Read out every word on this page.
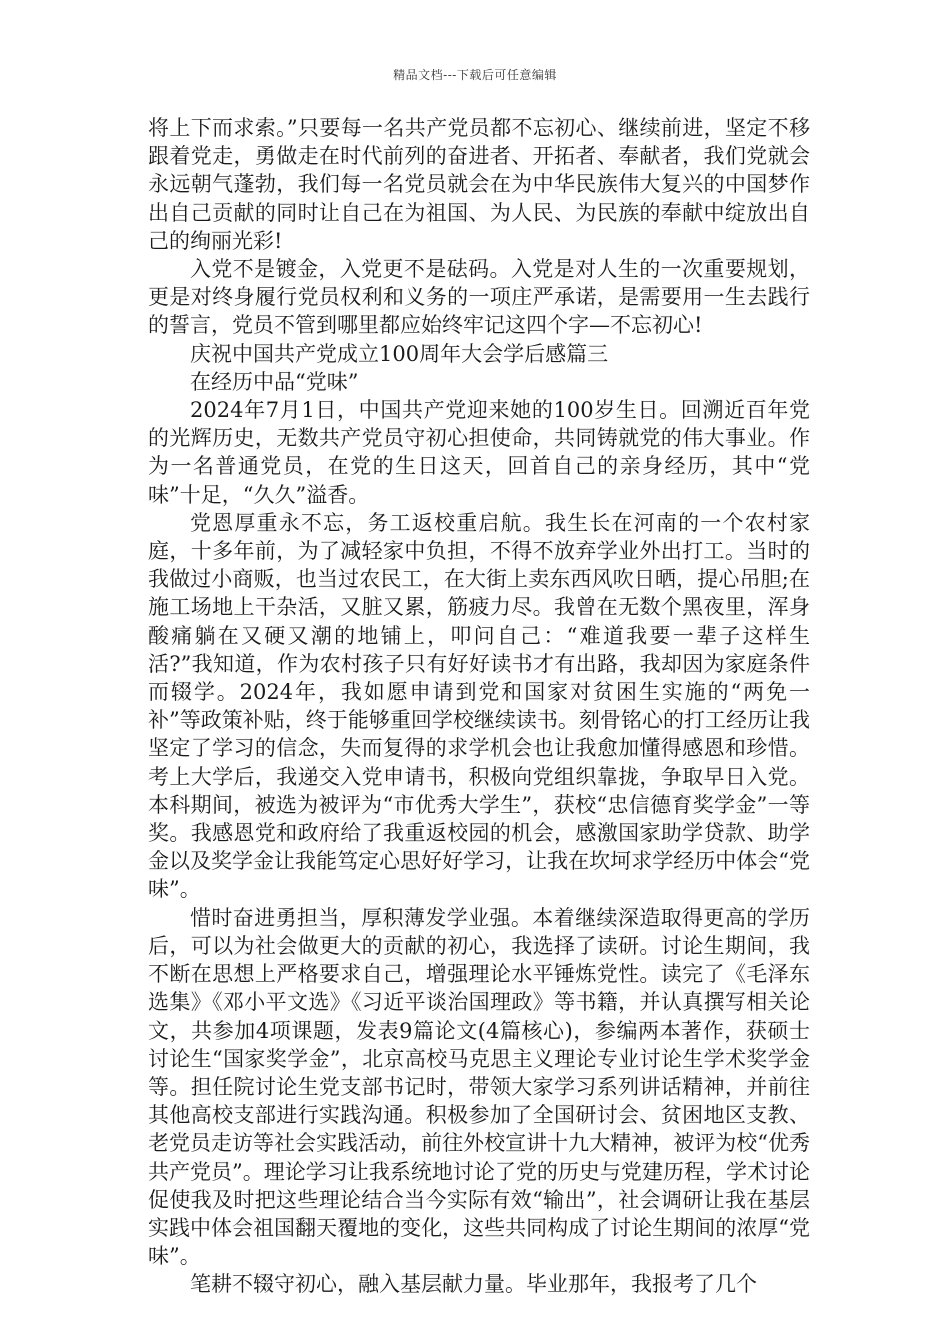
精品文档---下载后可任意编辑

将上下而求索。”只要每一名共产党员都不忘初心、继续前进，坚定不移跟着党走，勇做走在时代前列的奋进者、开拓者、奉献者，我们党就会永远朝气蓬勃，我们每一名党员就会在为中华民族伟大复兴的中国梦作出自己贡献的同时让自己在为祖国、为人民、为民族的奉献中绽放出自己的绚丽光彩!

入党不是镀金，入党更不是砝码。入党是对人生的一次重要规划，更是对终身履行党员权利和义务的一项庄严承诺，是需要用一生去践行的誓言，党员不管到哪里都应始终牢记这四个字—不忘初心!

庆祝中国共产党成立100周年大会学后感篇三

在经历中品“党味”

2024年7月1日，中国共产党迎来她的100岁生日。回溯近百年党的光辉历史，无数共产党员守初心担使命，共同铸就党的伟大事业。作为一名普通党员，在党的生日这天，回首自己的亲身经历，其中“党味”十足，“久久”溢香。

党恩厚重永不忘，务工返校重启航。我生长在河南的一个农村家庭，十多年前，为了减轻家中负担，不得不放弃学业外出打工。当时的我做过小商贩，也当过农民工，在大街上卖东西风吹日晒，提心吊胆;在施工场地上干杂活，又脏又累，筋疲力尽。我曾在无数个黑夜里，浑身酸痛躺在又硬又潮的地铺上，叩问自己：“难道我要一辈子这样生活?”我知道，作为农村孩子只有好好读书才有出路，我却因为家庭条件而辍学。2024年，我如愿申请到党和国家对贫困生实施的“两免一补”等政策补贴，终于能够重回学校继续读书。刻骨铭心的打工经历让我坚定了学习的信念，失而复得的求学机会也让我愈加懂得感恩和珍惜。考上大学后，我递交入党申请书，积极向党组织靠拢，争取早日入党。本科期间，被选为被评为“市优秀大学生”，获校“忠信德育奖学金”一等奖。我感恩党和政府给了我重返校园的机会，感激国家助学贷款、助学金以及奖学金让我能笃定心思好好学习，让我在坎坷求学经历中体会“党味”。

惜时奋进勇担当，厚积薄发学业强。本着继续深造取得更高的学历后，可以为社会做更大的贡献的初心，我选择了读研。讨论生期间，我不断在思想上严格要求自己，增强理论水平锤炼党性。读完了《毛泽东选集》《邓小平文选》《习近平谈治国理政》等书籍，并认真撰写相关论文，共参加4项课题，发表9篇论文(4篇核心)，参编两本著作，获硕士讨论生“国家奖学金”，北京高校马克思主义理论专业讨论生学术奖学金等。担任院讨论生党支部书记时，带领大家学习系列讲话精神，并前往其他高校支部进行实践沟通。积极参加了全国研讨会、贫困地区支教、老党员走访等社会实践活动，前往外校宣讲十九大精神，被评为校“优秀共产党员”。理论学习让我系统地讨论了党的历史与党建历程，学术讨论促使我及时把这些理论结合当今实际有效“输出”，社会调研让我在基层实践中体会祖国翻天覆地的变化，这些共同构成了讨论生期间的浓厚“党味”。

笔耕不辍守初心，融入基层献力量。毕业那年，我报考了几个
